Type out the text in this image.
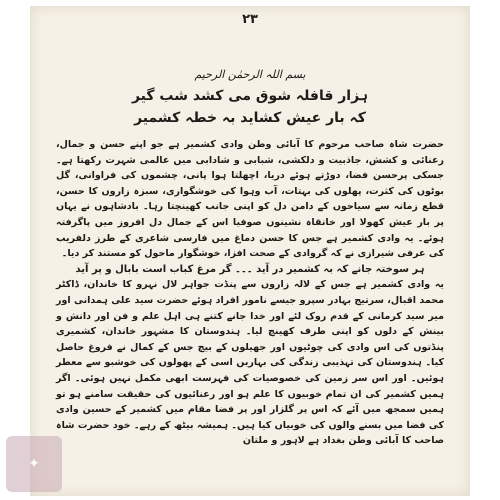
۲۳
بسم اللہ الرحمٰن الرحیم
ہزار قافلہ شوق می کشد شب گیر
کہ بار عیش کشاید بہ خطہ کشمیر

حضرت شاہ صاحب مرحوم کا آبائی وطن وادی کشمیر ہے جو اپنے حسن و جمال، رعنائی و کشش، جاذبیت و دلکشی، شبابی و شادابی میں عالمی شہرت رکھتا ہے۔ جسکی پرحسن فضا، دوڑتے ہوئے دریا، اچھلتا ہوا پانی، چشموں کی فراوانی، گل بوٹوں کی کثرت، پھلوں کی بہتات، آب وہوا کی خوشگواری، سبزہ زاروں کا حسن، قطع زمانہ سے سیاحوں کے دامن دل کو اپنی جانب کھینچتا رہا۔ بادشاہوں نے یہاں پر بار عیش کھولا اور خانقاہ نشینوں صوفیا اس کے جمال دل افروز میں پاگرفتہ ہوئے۔ یہ وادی کشمیر ہے جس کا حسن دماغ میں فارسی شاعری کے طرز دلفریب کی عرفی شیرازی نے کہ گروادی کے صحت افزا، خوشگوار ماحول کو مستند کر دیا۔

ہر سوختہ جانے کہ بہ کشمیر در آید ۔۔۔ گر مرغ کباب است بابال و پر آید

یہ وادی کشمیر ہے جس کے لالہ زاروں سے پنڈت جواہر لال نہرو کا خاندان، ڈاکٹر محمد اقبال، سرتیج بہادر سپرو جیسے نامور افراد ہوئے حضرت سید علی ہمدانی اور میر سید کرمانی کے قدم روک لئے اور خدا جانے کتنے ہی اہل علم و فن اور دانش و بینش کے دلوں کو اپنی طرف کھینچ لیا۔ ہندوستان کا مشہور خاندان، کشمیری پنڈتوں کی اس وادی کی چوٹیوں اور جھیلوں کے بیچ جس کے کمال نے فروغ حاصل کیا۔ ہندوستان کی تہذیبی زندگی کی بہاریں اسی کے پھولوں کی خوشبو سے معطر ہوئیں۔ اور اس سر زمین کی خصوصیات کی فہرست ابھی مکمل نہیں ہوئی۔ اگر ہمیں کشمیر کی ان تمام خوبیوں کا علم ہو اور رعنائیوں کی حقیقت سامنے ہو تو ہمیں سمجھ میں آئے کہ اس پر گلزار اور پر فضا مقام میں کشمیر کے حسین وادی کی فضا میں بسنے والوں کی خوبیاں کیا ہیں۔ ہمیشہ بیٹھ کے رہے۔ خود حضرت شاہ صاحب کا آبائی وطن بغداد ہے لاہور و ملتان

✦
